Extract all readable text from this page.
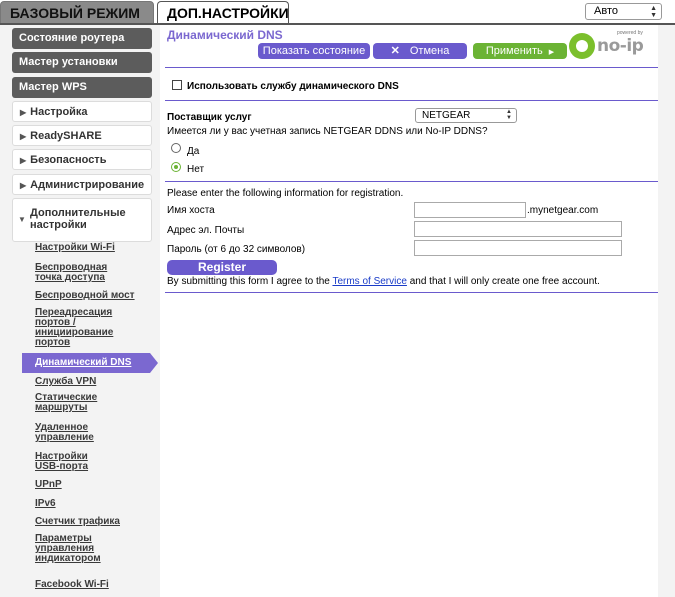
БАЗОВЫЙ РЕЖИМ	ДОП.НАСТРОЙКИ	Авто	▲
▼
Состояние роутера
Мастер установки
Мастер WPS
▶ Настройка
▶ ReadySHARE
▶ Безопасность
▶ Администрирование
▼
Дополнительные настройки
Настройки Wi-Fi
Беспроводная точка доступа
Беспроводной мост
Переадресация портов / инициирование портов
Динамический DNS
Служба VPN
Статические маршруты
Удаленное управление
Настройки USB-порта
UPnP
IPv6
Счетчик трафика
Параметры управления индикатором
Facebook Wi-Fi
Динамический DNS
Показать состояние	✕ Отмена	Применить ▶
powered by
no-ip
Использовать службу динамического DNS
Поставщик услуг	NETGEAR	▲
▼
Имеется ли у вас учетная запись NETGEAR DDNS или No-IP DDNS?
Да
Нет
Please enter the following information for registration.
Имя хоста	.mynetgear.com
Адрес эл. Почты
Пароль (от 6 до 32 символов)
Register
By submitting this form I agree to the Terms of Service and that I will only create one free account.
